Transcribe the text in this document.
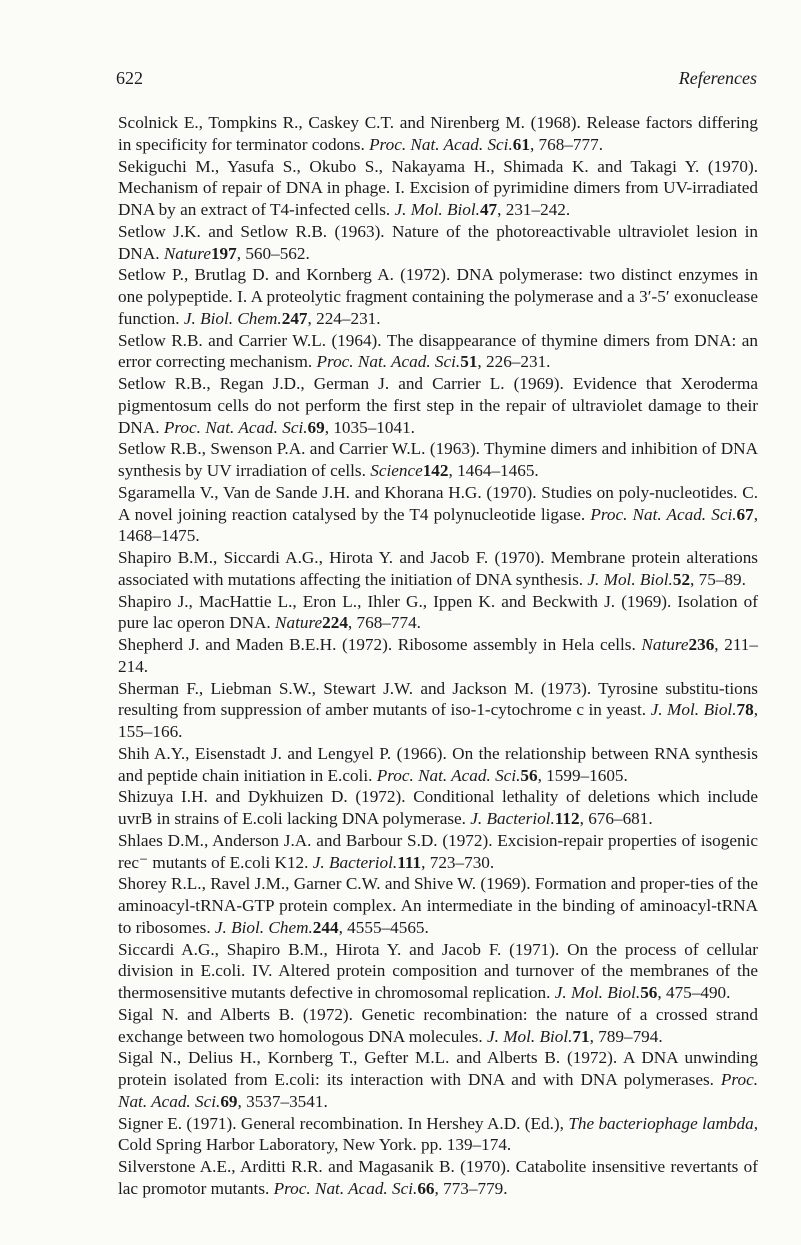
622	References

Scolnick E., Tompkins R., Caskey C.T. and Nirenberg M. (1968). Release factors differing in specificity for terminator codons. Proc. Nat. Acad. Sci.61, 768–777.

Sekiguchi M., Yasufa S., Okubo S., Nakayama H., Shimada K. and Takagi Y. (1970). Mechanism of repair of DNA in phage. I. Excision of pyrimidine dimers from UV-irradiated DNA by an extract of T4-infected cells. J. Mol. Biol.47, 231–242.

Setlow J.K. and Setlow R.B. (1963). Nature of the photoreactivable ultraviolet lesion in DNA. Nature197, 560–562.

Setlow P., Brutlag D. and Kornberg A. (1972). DNA polymerase: two distinct enzymes in one polypeptide. I. A proteolytic fragment containing the polymerase and a 3′-5′ exonuclease function. J. Biol. Chem.247, 224–231.

Setlow R.B. and Carrier W.L. (1964). The disappearance of thymine dimers from DNA: an error correcting mechanism. Proc. Nat. Acad. Sci.51, 226–231.

Setlow R.B., Regan J.D., German J. and Carrier L. (1969). Evidence that Xeroderma pigmentosum cells do not perform the first step in the repair of ultraviolet damage to their DNA. Proc. Nat. Acad. Sci.69, 1035–1041.

Setlow R.B., Swenson P.A. and Carrier W.L. (1963). Thymine dimers and inhibition of DNA synthesis by UV irradiation of cells. Science142, 1464–1465.

Sgaramella V., Van de Sande J.H. and Khorana H.G. (1970). Studies on poly-nucleotides. C. A novel joining reaction catalysed by the T4 polynucleotide ligase. Proc. Nat. Acad. Sci.67, 1468–1475.

Shapiro B.M., Siccardi A.G., Hirota Y. and Jacob F. (1970). Membrane protein alterations associated with mutations affecting the initiation of DNA synthesis. J. Mol. Biol.52, 75–89.

Shapiro J., MacHattie L., Eron L., Ihler G., Ippen K. and Beckwith J. (1969). Isolation of pure lac operon DNA. Nature224, 768–774.

Shepherd J. and Maden B.E.H. (1972). Ribosome assembly in Hela cells. Nature236, 211–214.

Sherman F., Liebman S.W., Stewart J.W. and Jackson M. (1973). Tyrosine substitu-tions resulting from suppression of amber mutants of iso-1-cytochrome c in yeast. J. Mol. Biol.78, 155–166.

Shih A.Y., Eisenstadt J. and Lengyel P. (1966). On the relationship between RNA synthesis and peptide chain initiation in E.coli. Proc. Nat. Acad. Sci.56, 1599–1605.

Shizuya I.H. and Dykhuizen D. (1972). Conditional lethality of deletions which include uvrB in strains of E.coli lacking DNA polymerase. J. Bacteriol.112, 676–681.

Shlaes D.M., Anderson J.A. and Barbour S.D. (1972). Excision-repair properties of isogenic rec⁻ mutants of E.coli K12. J. Bacteriol.111, 723–730.

Shorey R.L., Ravel J.M., Garner C.W. and Shive W. (1969). Formation and proper-ties of the aminoacyl-tRNA-GTP protein complex. An intermediate in the binding of aminoacyl-tRNA to ribosomes. J. Biol. Chem.244, 4555–4565.

Siccardi A.G., Shapiro B.M., Hirota Y. and Jacob F. (1971). On the process of cellular division in E.coli. IV. Altered protein composition and turnover of the membranes of the thermosensitive mutants defective in chromosomal replication. J. Mol. Biol.56, 475–490.

Sigal N. and Alberts B. (1972). Genetic recombination: the nature of a crossed strand exchange between two homologous DNA molecules. J. Mol. Biol.71, 789–794.

Sigal N., Delius H., Kornberg T., Gefter M.L. and Alberts B. (1972). A DNA unwinding protein isolated from E.coli: its interaction with DNA and with DNA polymerases. Proc. Nat. Acad. Sci.69, 3537–3541.

Signer E. (1971). General recombination. In Hershey A.D. (Ed.), The bacteriophage lambda, Cold Spring Harbor Laboratory, New York. pp. 139–174.

Silverstone A.E., Arditti R.R. and Magasanik B. (1970). Catabolite insensitive revertants of lac promotor mutants. Proc. Nat. Acad. Sci.66, 773–779.
